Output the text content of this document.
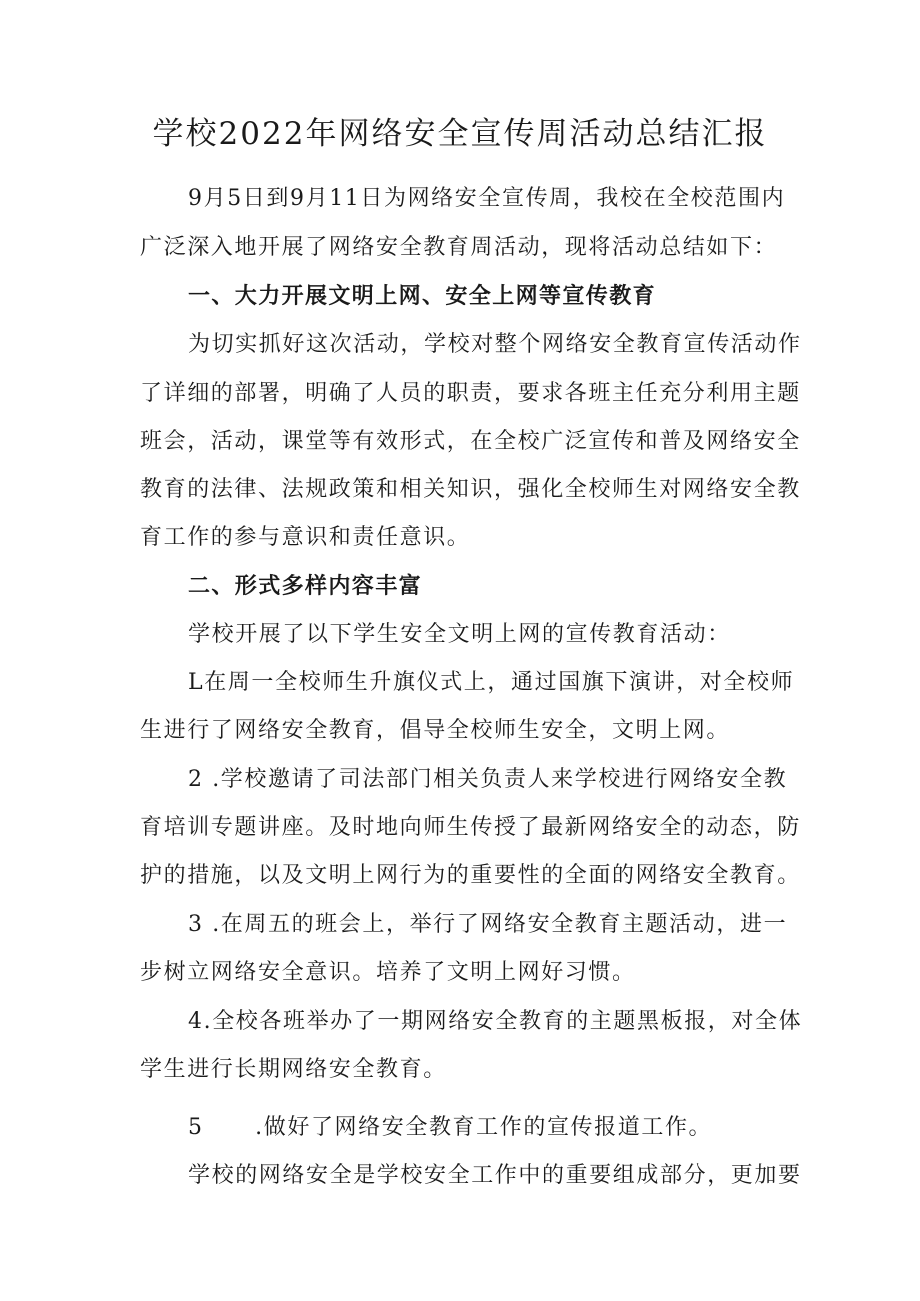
学校2022年网络安全宣传周活动总结汇报
9月5日到9月11日为网络安全宣传周，我校在全校范围内
广泛深入地开展了网络安全教育周活动，现将活动总结如下：
一、大力开展文明上网、安全上网等宣传教育
为切实抓好这次活动，学校对整个网络安全教育宣传活动作
了详细的部署，明确了人员的职责，要求各班主任充分利用主题
班会，活动，课堂等有效形式，在全校广泛宣传和普及网络安全
教育的法律、法规政策和相关知识，强化全校师生对网络安全教
育工作的参与意识和责任意识。
二、形式多样内容丰富
学校开展了以下学生安全文明上网的宣传教育活动：
L在周一全校师生升旗仪式上，通过国旗下演讲，对全校师
生进行了网络安全教育，倡导全校师生安全，文明上网。
2 .学校邀请了司法部门相关负责人来学校进行网络安全教
育培训专题讲座。及时地向师生传授了最新网络安全的动态，防
护的措施，以及文明上网行为的重要性的全面的网络安全教育。
3 .在周五的班会上，举行了网络安全教育主题活动，进一
步树立网络安全意识。培养了文明上网好习惯。
4.全校各班举办了一期网络安全教育的主题黑板报，对全体
学生进行长期网络安全教育。
5      .做好了网络安全教育工作的宣传报道工作。
学校的网络安全是学校安全工作中的重要组成部分，更加要
